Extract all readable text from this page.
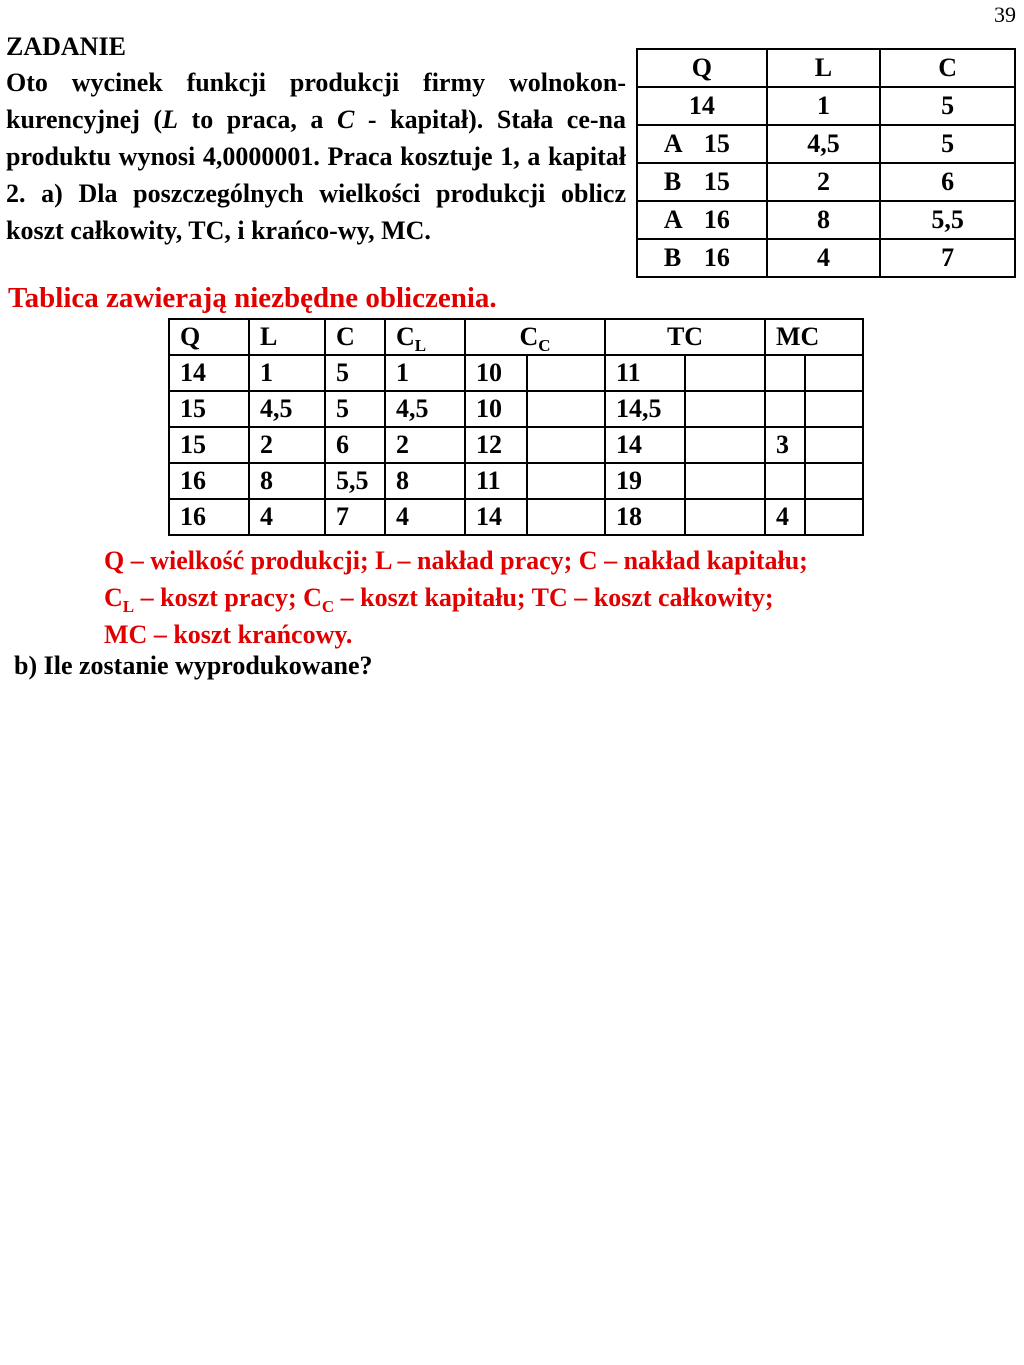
39
ZADANIE
Oto wycinek funkcji produkcji firmy wolnokon-kurencyjnej (L to praca, a C - kapitał). Stała ce-na produktu wynosi 4,0000001. Praca kosztuje 1, a kapitał 2. a) Dla poszczególnych wielkości produkcji oblicz koszt całkowity, TC, i krańco-wy, MC.
Q	L	C

14	1	5

A 15	4,5	5

B 15	2	6

A 16	8	5,5

B 16	4	7
Tablica zawierają niezbędne obliczenia.
Q	L	C	$C_L$	$C_C$		TC		MC	
14	1	5	1	10		11			
15	4,5	5	4,5	10		14,5			
15	2	6	2	12		14		3	
16	8	5,5	8	11		19			
16	4	7	4	14		18		4	
Q – wielkość produkcji; L – nakład pracy; C – nakład kapitału;
$C_L$ – koszt pracy; $C_C$ – koszt kapitału; TC – koszt całkowity;
MC – koszt krańcowy.
b) Ile zostanie wyprodukowane?
